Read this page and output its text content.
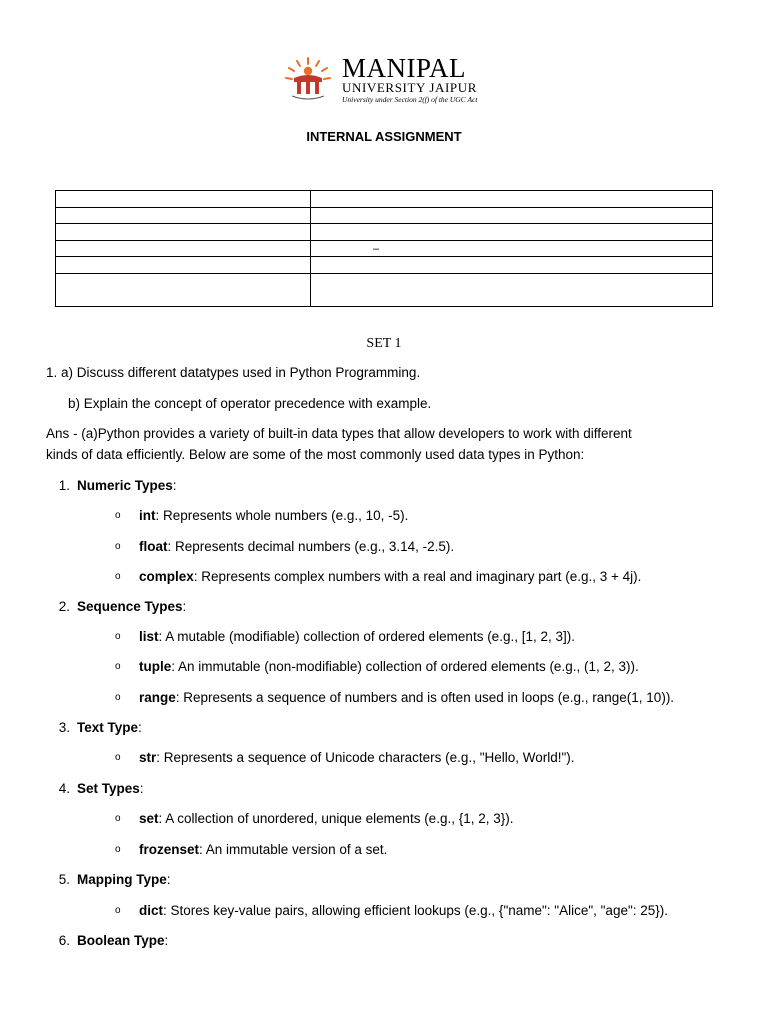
MANIPAL
UNIVERSITY JAIPUR
University under Section 2(f) of the UGC Act
INTERNAL ASSIGNMENT

	–

SET 1
1. a) Discuss different datatypes used in Python Programming.
b) Explain the concept of operator precedence with example.
Ans - (a)Python provides a variety of built-in data types that allow developers to work with different
kinds of data efficiently. Below are some of the most commonly used data types in Python:
1. Numeric Types:
o int: Represents whole numbers (e.g., 10, -5).
o float: Represents decimal numbers (e.g., 3.14, -2.5).
o complex: Represents complex numbers with a real and imaginary part (e.g., 3 + 4j).
2. Sequence Types:
o list: A mutable (modifiable) collection of ordered elements (e.g., [1, 2, 3]).
o tuple: An immutable (non-modifiable) collection of ordered elements (e.g., (1, 2, 3)).
o range: Represents a sequence of numbers and is often used in loops (e.g., range(1, 10)).
3. Text Type:
o str: Represents a sequence of Unicode characters (e.g., "Hello, World!").
4. Set Types:
o set: A collection of unordered, unique elements (e.g., {1, 2, 3}).
o frozenset: An immutable version of a set.
5. Mapping Type:
o dict: Stores key-value pairs, allowing efficient lookups (e.g., {"name": "Alice", "age": 25}).
6. Boolean Type:
